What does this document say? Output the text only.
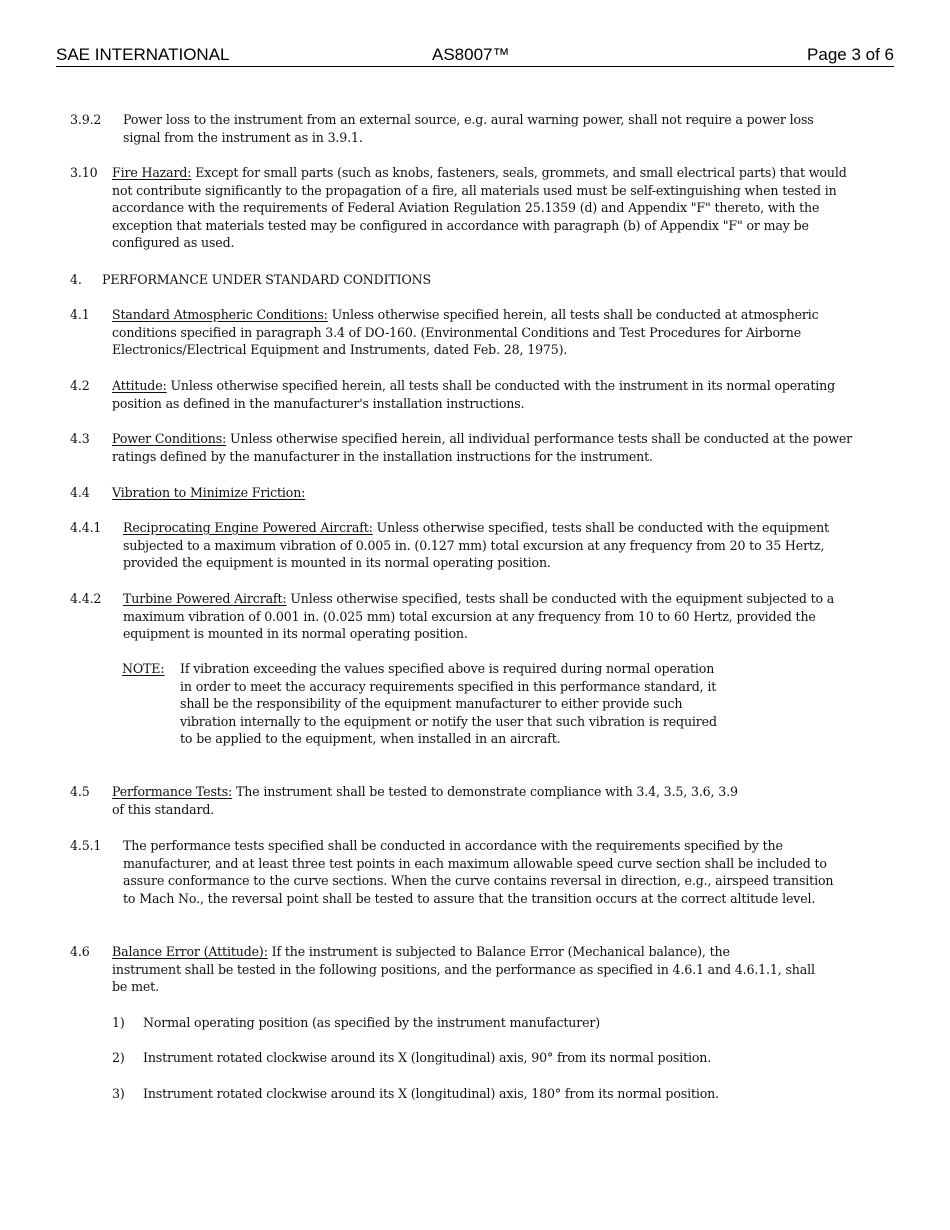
SAE INTERNATIONAL	AS8007™	Page 3 of 6
3.9.2 Power loss to the instrument from an external source, e.g. aural warning power, shall not require a power loss signal from the instrument as in 3.9.1.
3.10 Fire Hazard: Except for small parts (such as knobs, fasteners, seals, grommets, and small electrical parts) that would not contribute significantly to the propagation of a fire, all materials used must be self-extinguishing when tested in accordance with the requirements of Federal Aviation Regulation 25.1359 (d) and Appendix "F" thereto, with the exception that materials tested may be configured in accordance with paragraph (b) of Appendix "F" or may be configured as used.
4. PERFORMANCE UNDER STANDARD CONDITIONS
4.1 Standard Atmospheric Conditions: Unless otherwise specified herein, all tests shall be conducted at atmospheric conditions specified in paragraph 3.4 of DO-160. (Environmental Conditions and Test Procedures for Airborne Electronics/Electrical Equipment and Instruments, dated Feb. 28, 1975).
4.2 Attitude: Unless otherwise specified herein, all tests shall be conducted with the instrument in its normal operating position as defined in the manufacturer's installation instructions.
4.3 Power Conditions: Unless otherwise specified herein, all individual performance tests shall be conducted at the power ratings defined by the manufacturer in the installation instructions for the instrument.
4.4 Vibration to Minimize Friction:
4.4.1 Reciprocating Engine Powered Aircraft: Unless otherwise specified, tests shall be conducted with the equipment subjected to a maximum vibration of 0.005 in. (0.127 mm) total excursion at any frequency from 20 to 35 Hertz, provided the equipment is mounted in its normal operating position.
4.4.2 Turbine Powered Aircraft: Unless otherwise specified, tests shall be conducted with the equipment subjected to a maximum vibration of 0.001 in. (0.025 mm) total excursion at any frequency from 10 to 60 Hertz, provided the equipment is mounted in its normal operating position.
NOTE: If vibration exceeding the values specified above is required during normal operation in order to meet the accuracy requirements specified in this performance standard, it shall be the responsibility of the equipment manufacturer to either provide such vibration internally to the equipment or notify the user that such vibration is required to be applied to the equipment, when installed in an aircraft.
4.5 Performance Tests: The instrument shall be tested to demonstrate compliance with 3.4, 3.5, 3.6, 3.9
of this standard.
4.5.1 The performance tests specified shall be conducted in accordance with the requirements specified by the manufacturer, and at least three test points in each maximum allowable speed curve section shall be included to assure conformance to the curve sections. When the curve contains reversal in direction, e.g., airspeed transition to Mach No., the reversal point shall be tested to assure that the transition occurs at the correct altitude level.
4.6 Balance Error (Attitude): If the instrument is subjected to Balance Error (Mechanical balance), the
instrument shall be tested in the following positions, and the performance as specified in 4.6.1 and 4.6.1.1, shall be met.
1) Normal operating position (as specified by the instrument manufacturer)
2) Instrument rotated clockwise around its X (longitudinal) axis, 90° from its normal position.
3) Instrument rotated clockwise around its X (longitudinal) axis, 180° from its normal position.
